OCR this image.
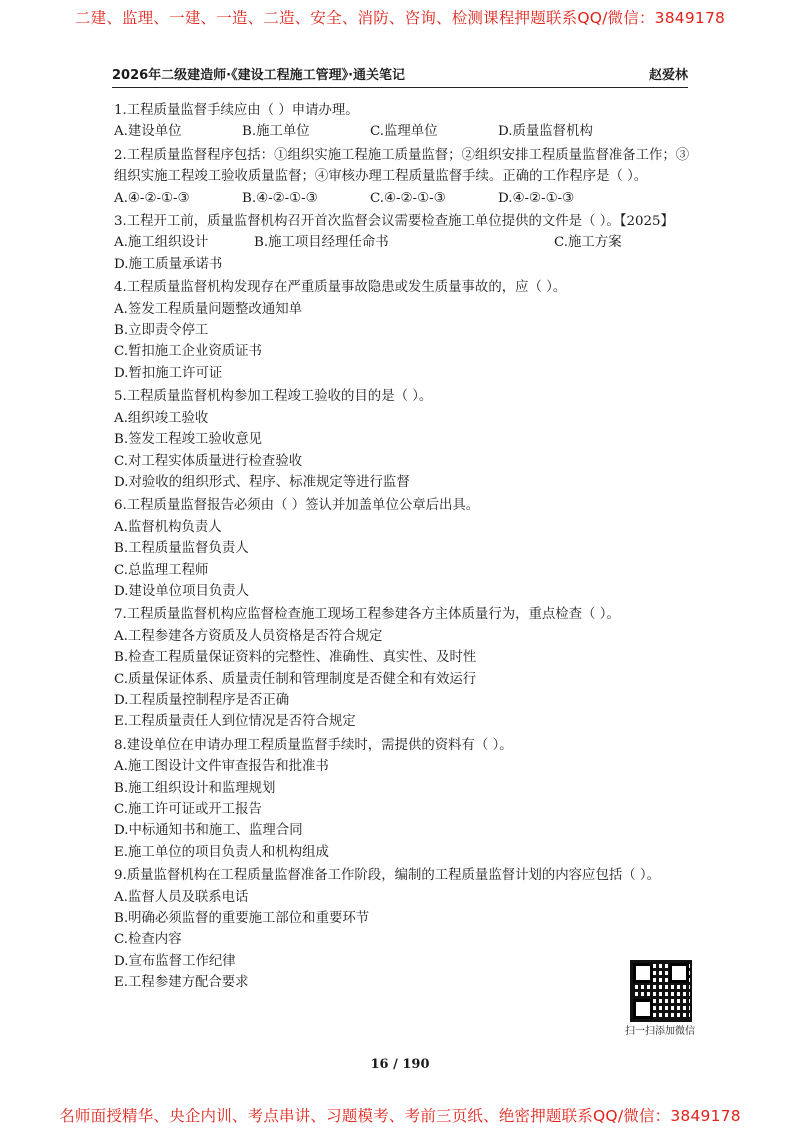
二建、监理、一建、一造、二造、安全、消防、咨询、检测课程押题联系QQ/微信：3849178
2026年二级建造师·《建设工程施工管理》·通关笔记	赵爱林

1.工程质量监督手续应由（ ）申请办理。

A.建设单位	B.施工单位	C.监理单位	D.质量监督机构

2.工程质量监督程序包括：①组织实施工程施工质量监督；②组织安排工程质量监督准备工作；③组织实施工程竣工验收质量监督；④审核办理工程质量监督手续。正确的工作程序是（ ）。

A.④-②-①-③	B.④-②-①-③	C.④-②-①-③	D.④-②-①-③

3.工程开工前，质量监督机构召开首次监督会议需要检查施工单位提供的文件是（ ）。【2025】

A.施工组织设计	B.施工项目经理任命书	C.施工方案

D.施工质量承诺书

4.工程质量监督机构发现存在严重质量事故隐患或发生质量事故的，应（ ）。

A.签发工程质量问题整改通知单

B.立即责令停工

C.暂扣施工企业资质证书

D.暂扣施工许可证

5.工程质量监督机构参加工程竣工验收的目的是（ ）。

A.组织竣工验收

B.签发工程竣工验收意见

C.对工程实体质量进行检查验收

D.对验收的组织形式、程序、标准规定等进行监督

6.工程质量监督报告必须由（ ）签认并加盖单位公章后出具。

A.监督机构负责人

B.工程质量监督负责人

C.总监理工程师

D.建设单位项目负责人

7.工程质量监督机构应监督检查施工现场工程参建各方主体质量行为，重点检查（ ）。

A.工程参建各方资质及人员资格是否符合规定

B.检查工程质量保证资料的完整性、准确性、真实性、及时性

C.质量保证体系、质量责任制和管理制度是否健全和有效运行

D.工程质量控制程序是否正确

E.工程质量责任人到位情况是否符合规定

8.建设单位在申请办理工程质量监督手续时，需提供的资料有（ ）。

A.施工图设计文件审查报告和批准书

B.施工组织设计和监理规划

C.施工许可证或开工报告

D.中标通知书和施工、监理合同

E.施工单位的项目负责人和机构组成

9.质量监督机构在工程质量监督准备工作阶段，编制的工程质量监督计划的内容应包括（ ）。

A.监督人员及联系电话

B.明确必须监督的重要施工部位和重要环节

C.检查内容

D.宣布监督工作纪律

E.工程参建方配合要求

扫一扫添加微信
16 / 190
名师面授精华、央企内训、考点串讲、习题模考、考前三页纸、绝密押题联系QQ/微信：3849178
